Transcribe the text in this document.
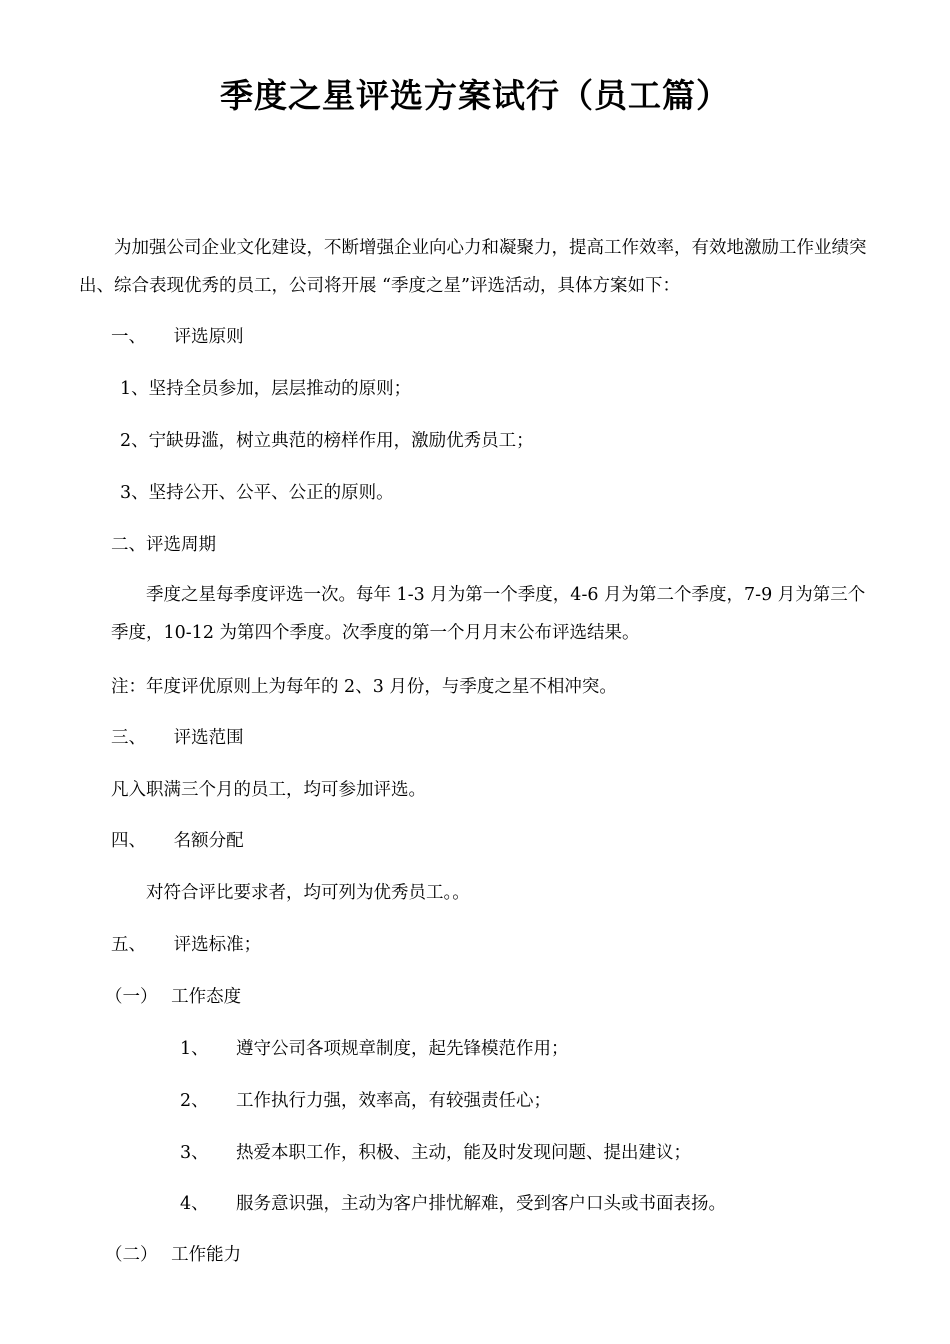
季度之星评选方案试行（员工篇）
为加强公司企业文化建设，不断增强企业向心力和凝聚力，提高工作效率，有效地激励工作业绩突出、综合表现优秀的员工，公司将开展 “季度之星”评选活动，具体方案如下：
一、 评选原则
1、坚持全员参加，层层推动的原则；
2、宁缺毋滥，树立典范的榜样作用，激励优秀员工；
3、坚持公开、公平、公正的原则。
二、评选周期
季度之星每季度评选一次。每年 1-3 月为第一个季度，4-6 月为第二个季度，7-9 月为第三个季度，10-12 为第四个季度。次季度的第一个月月末公布评选结果。
注：年度评优原则上为每年的 2、3 月份，与季度之星不相冲突。
三、 评选范围
凡入职满三个月的员工，均可参加评选。
四、 名额分配
对符合评比要求者，均可列为优秀员工。。
五、 评选标准；
（一） 工作态度
1、 遵守公司各项规章制度，起先锋模范作用；
2、 工作执行力强，效率高，有较强责任心；
3、 热爱本职工作，积极、主动，能及时发现问题、提出建议；
4、 服务意识强，主动为客户排忧解难，受到客户口头或书面表扬。
（二） 工作能力
